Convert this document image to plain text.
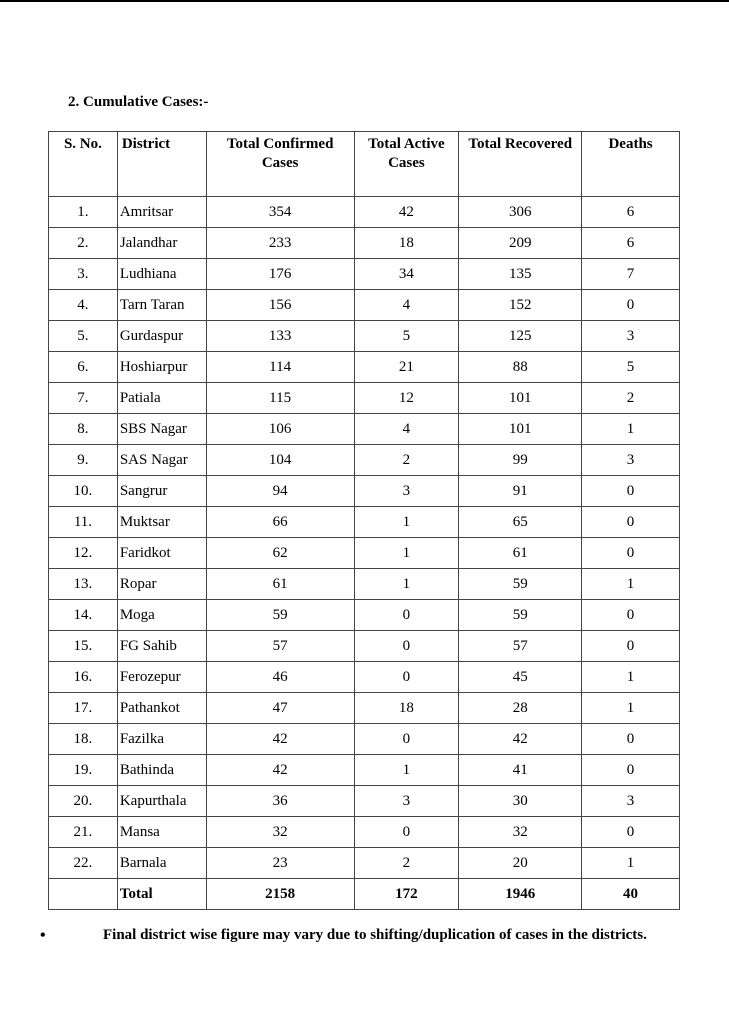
2. Cumulative Cases:-
S. No.	District	Total Confirmed Cases	Total Active Cases	Total Recovered	Deaths
1.	Amritsar	354	42	306	6
2.	Jalandhar	233	18	209	6
3.	Ludhiana	176	34	135	7
4.	Tarn Taran	156	4	152	0
5.	Gurdaspur	133	5	125	3
6.	Hoshiarpur	114	21	88	5
7.	Patiala	115	12	101	2
8.	SBS Nagar	106	4	101	1
9.	SAS Nagar	104	2	99	3
10.	Sangrur	94	3	91	0
11.	Muktsar	66	1	65	0
12.	Faridkot	62	1	61	0
13.	Ropar	61	1	59	1
14.	Moga	59	0	59	0
15.	FG Sahib	57	0	57	0
16.	Ferozepur	46	0	45	1
17.	Pathankot	47	18	28	1
18.	Fazilka	42	0	42	0
19.	Bathinda	42	1	41	0
20.	Kapurthala	36	3	30	3
21.	Mansa	32	0	32	0
22.	Barnala	23	2	20	1
	Total	2158	172	1946	40
•	Final district wise figure may vary due to shifting/duplication of cases in the districts.
